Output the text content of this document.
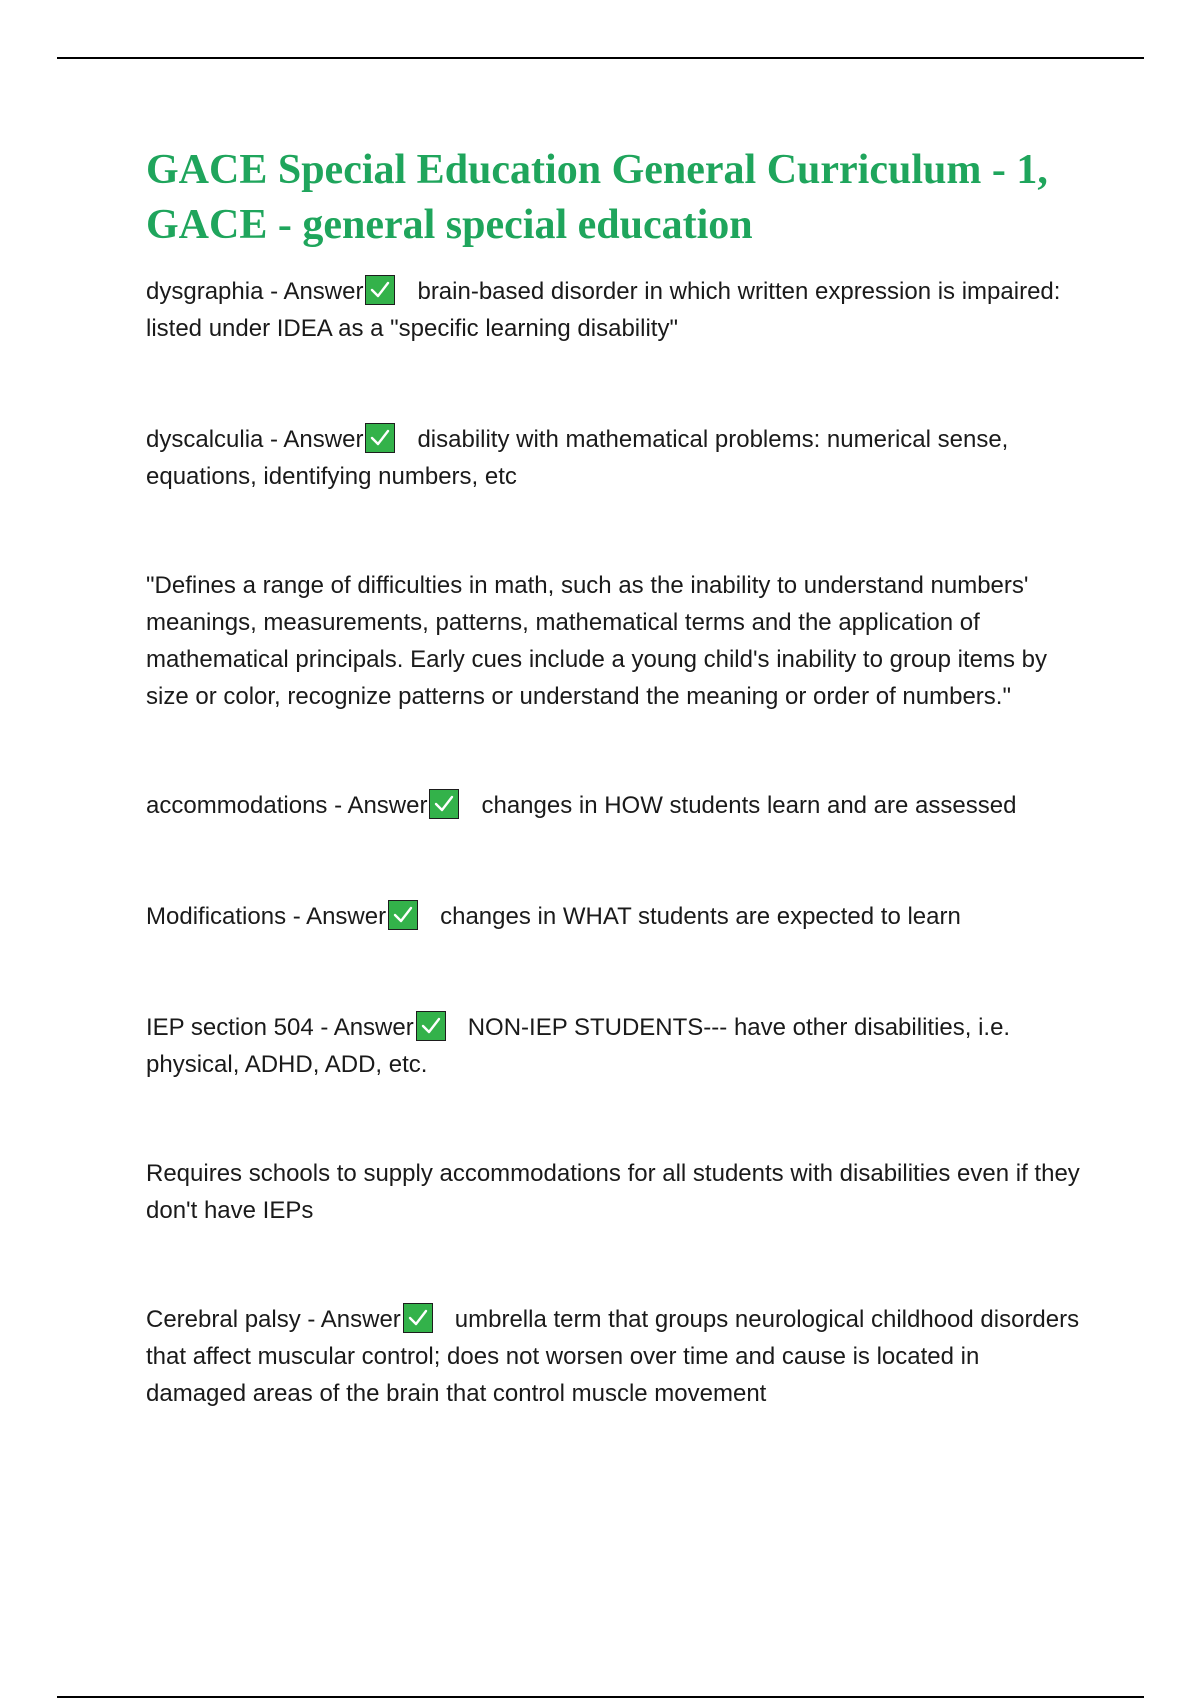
GACE Special Education General Curriculum - 1, GACE - general special education

dysgraphia - Answer brain-based disorder in which written expression is impaired: listed under IDEA as a "specific learning disability"

dyscalculia - Answer disability with mathematical problems: numerical sense, equations, identifying numbers, etc

"Defines a range of difficulties in math, such as the inability to understand numbers' meanings, measurements, patterns, mathematical terms and the application of mathematical principals. Early cues include a young child's inability to group items by size or color, recognize patterns or understand the meaning or order of numbers."

accommodations - Answer changes in HOW students learn and are assessed

Modifications - Answer changes in WHAT students are expected to learn

IEP section 504 - Answer NON-IEP STUDENTS--- have other disabilities, i.e. physical, ADHD, ADD, etc.

Requires schools to supply accommodations for all students with disabilities even if they don't have IEPs

Cerebral palsy - Answer umbrella term that groups neurological childhood disorders that affect muscular control; does not worsen over time and cause is located in damaged areas of the brain that control muscle movement
